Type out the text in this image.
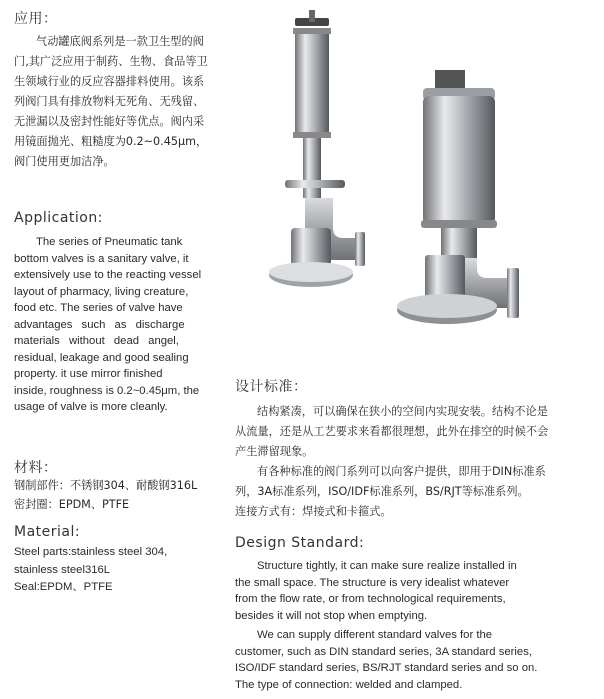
应用：
气动罐底阀系列是一款卫生型的阀
门,其广泛应用于制药、生物、食品等卫
生领域行业的反应容器排料使用。该系
列阀门具有排放物料无死角、无残留、
无泄漏以及密封性能好等优点。阀内采
用镜面抛光、粗糙度为0.2~0.45μm，
阀门使用更加洁净。
Application:
The series of Pneumatic tank
bottom valves is a sanitary valve, it
extensively use to the reacting vessel
layout of pharmacy, living creature,
food etc. The series of valve have
advantages such as discharge
materials without dead angel,
residual, leakage and good sealing
property. it use mirror finished
inside, roughness is 0.2~0.45μm, the
usage of valve is more cleanly.
材料：
钢制部件：不锈钢304、耐酸钢316L
密封圈：EPDM、PTFE
Material:
Steel parts:stainless steel 304,
stainless steel316L
Seal:EPDM、PTFE
设计标准：
结构紧凑，可以确保在狭小的空间内实现安装。结构不论是
从流量，还是从工艺要求来看都很理想，此外在排空的时候不会
产生滞留现象。
有各种标准的阀门系列可以向客户提供，即用于DIN标准系
列，3A标准系列，ISO/IDF标准系列，BS/RJT等标准系列。
连接方式有：焊接式和卡箍式。
Design Standard:
Structure tightly, it can make sure realize installed in
the small space. The structure is very idealist whatever
from the flow rate, or from technological requirements,
besides it will not stop when emptying.
We can supply different standard valves for the
customer, such as DIN standard series, 3A standard series,
ISO/IDF standard series, BS/RJT standard series and so on.
The type of connection: welded and clamped.
